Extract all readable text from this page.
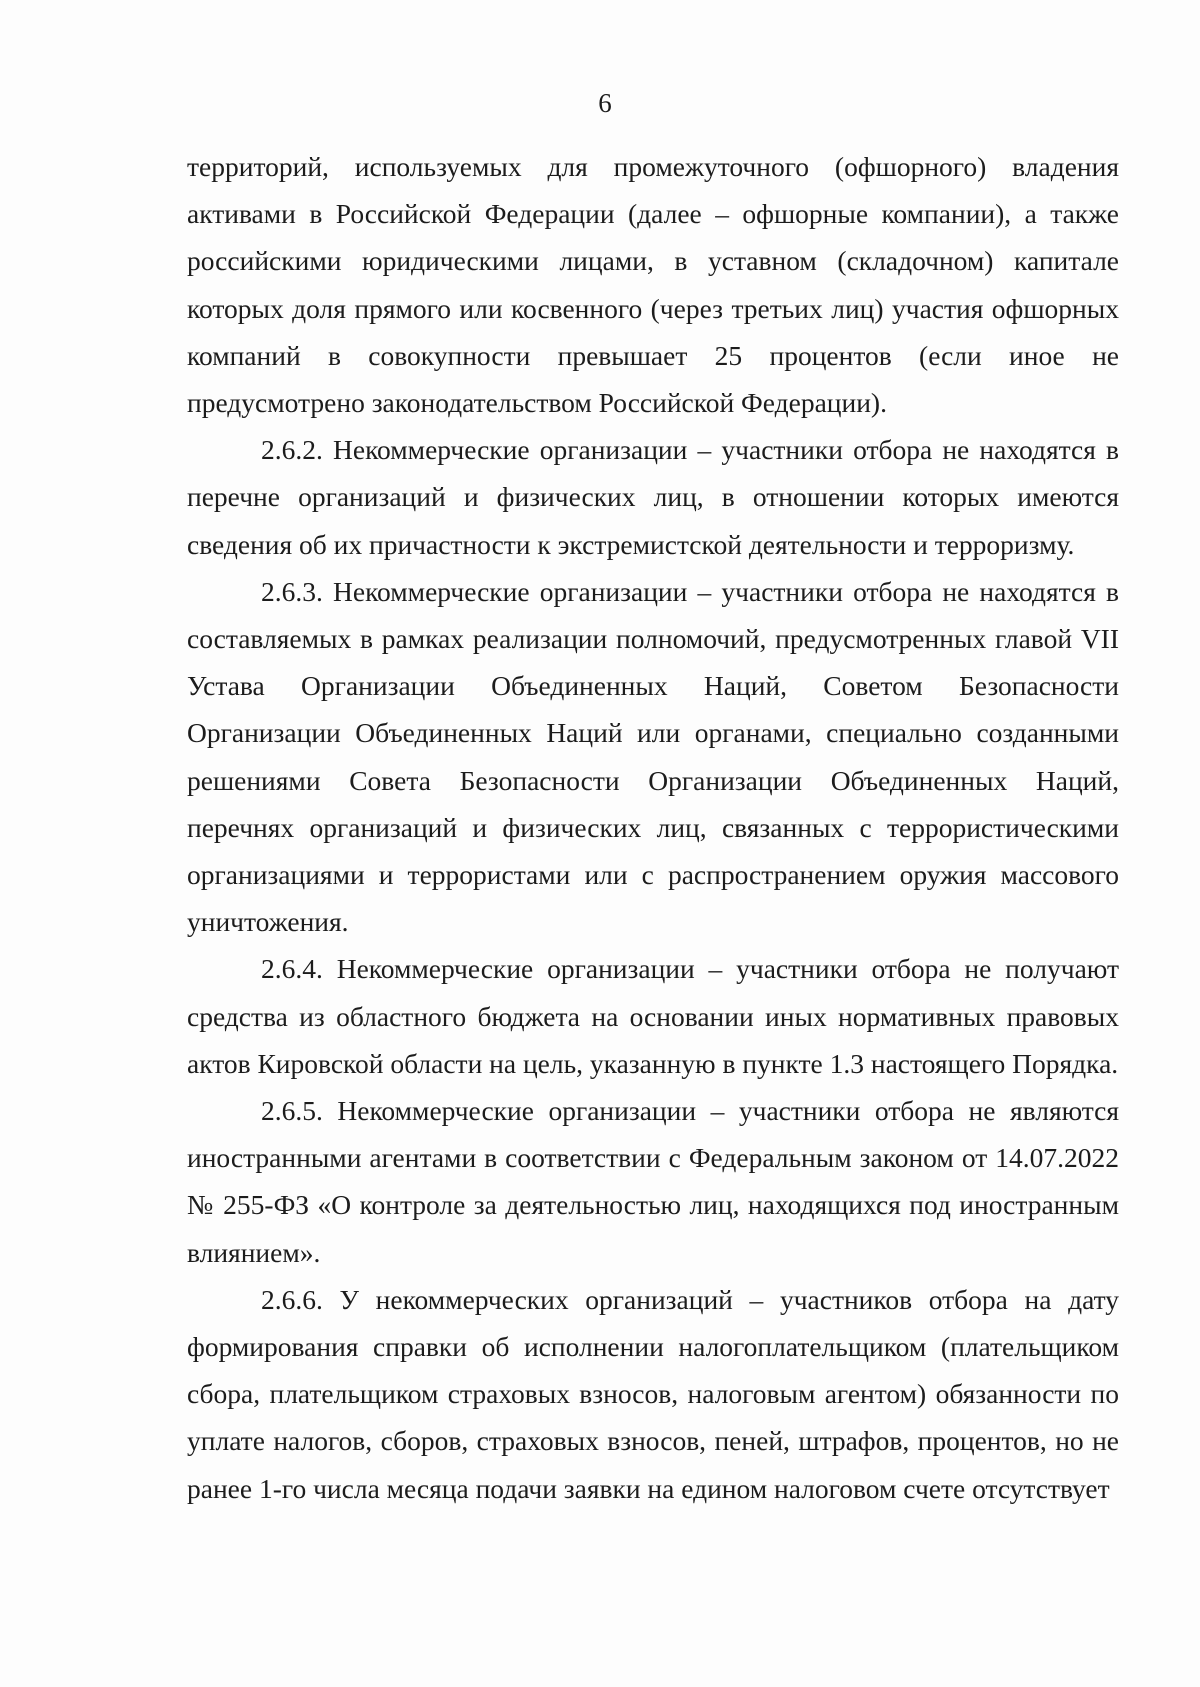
6

территорий, используемых для промежуточного (офшорного) владения активами в Российской Федерации (далее – офшорные компании), а также российскими юридическими лицами, в уставном (складочном) капитале которых доля прямого или косвенного (через третьих лиц) участия офшорных компаний в совокупности превышает 25 процентов (если иное не предусмотрено законодательством Российской Федерации).

2.6.2. Некоммерческие организации – участники отбора не находятся в перечне организаций и физических лиц, в отношении которых имеются сведения об их причастности к экстремистской деятельности и терроризму.

2.6.3. Некоммерческие организации – участники отбора не находятся в составляемых в рамках реализации полномочий, предусмотренных главой VII Устава Организации Объединенных Наций, Советом Безопасности Организации Объединенных Наций или органами, специально созданными решениями Совета Безопасности Организации Объединенных Наций, перечнях организаций и физических лиц, связанных с террористическими организациями и террористами или с распространением оружия массового уничтожения.

2.6.4. Некоммерческие организации – участники отбора не получают средства из областного бюджета на основании иных нормативных правовых актов Кировской области на цель, указанную в пункте 1.3 настоящего Порядка.

2.6.5. Некоммерческие организации – участники отбора не являются иностранными агентами в соответствии с Федеральным законом от 14.07.2022 № 255-ФЗ «О контроле за деятельностью лиц, находящихся под иностранным влиянием».

2.6.6. У некоммерческих организаций – участников отбора на дату формирования справки об исполнении налогоплательщиком (плательщиком сбора, плательщиком страховых взносов, налоговым агентом) обязанности по уплате налогов, сборов, страховых взносов, пеней, штрафов, процентов, но не ранее 1-го числа месяца подачи заявки на едином налоговом счете отсутствует
